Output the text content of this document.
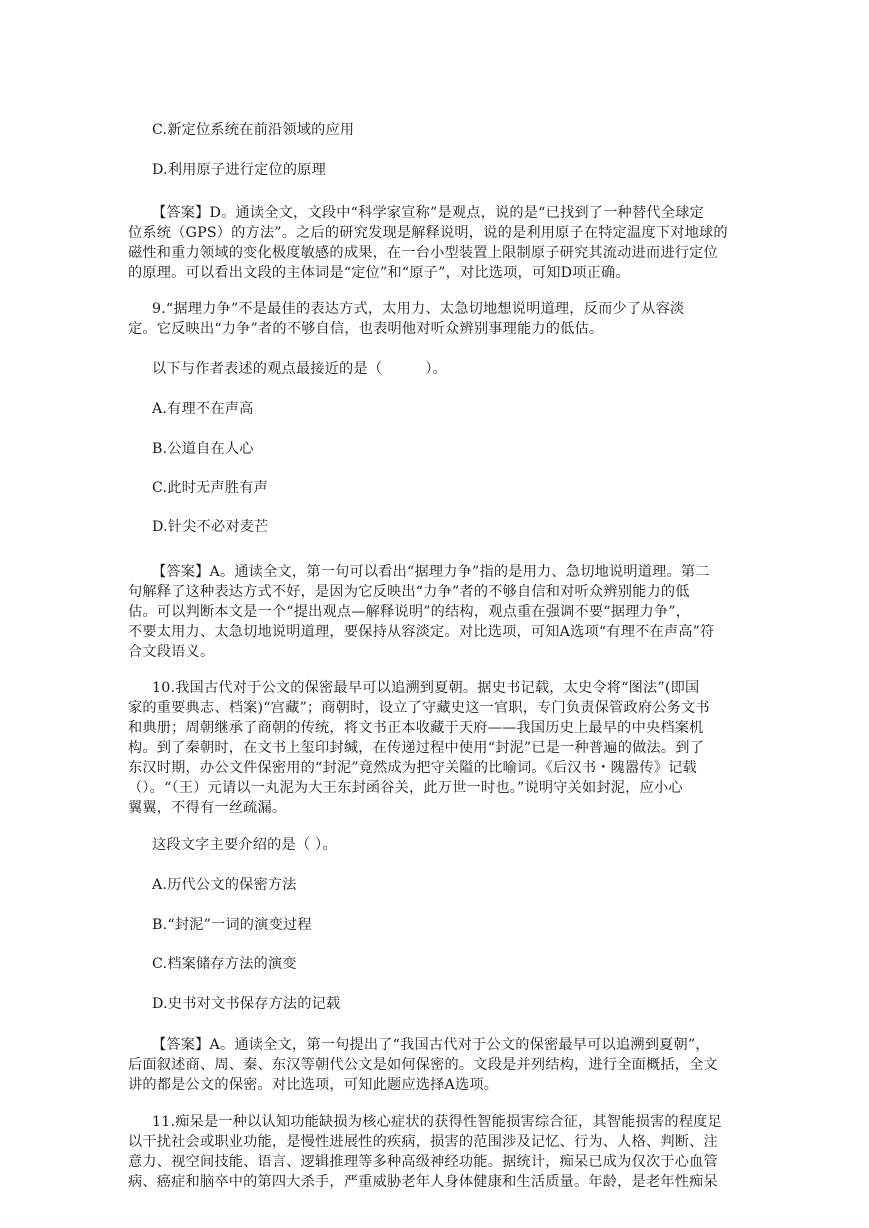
C.新定位系统在前沿领域的应用
D.利用原子进行定位的原理
【答案】D。通读全文，文段中“科学家宣称”是观点，说的是“已找到了一种替代全球定
位系统（GPS）的方法”。之后的研究发现是解释说明，说的是利用原子在特定温度下对地球的
磁性和重力领域的变化极度敏感的成果，在一台小型装置上限制原子研究其流动进而进行定位
的原理。可以看出文段的主体词是“定位”和“原子”，对比选项，可知D项正确。
9.“据理力争”不是最佳的表达方式，太用力、太急切地想说明道理，反而少了从容淡
定。它反映出“力争”者的不够自信，也表明他对听众辨别事理能力的低估。
以下与作者表述的观点最接近的是（　　　）。
A.有理不在声高
B.公道自在人心
C.此时无声胜有声
D.针尖不必对麦芒
【答案】A。通读全文，第一句可以看出“据理力争”指的是用力、急切地说明道理。第二
句解释了这种表达方式不好，是因为它反映出“力争”者的不够自信和对听众辨别能力的低
估。可以判断本文是一个“提出观点—解释说明”的结构，观点重在强调不要“据理力争”，
不要太用力、太急切地说明道理，要保持从容淡定。对比选项，可知A选项“有理不在声高”符
合文段语义。
10.我国古代对于公文的保密最早可以追溯到夏朝。据史书记载，太史令将“图法”(即国
家的重要典志、档案)“宫藏”；商朝时，设立了守藏史这一官职，专门负责保管政府公务文书
和典册；周朝继承了商朝的传统，将文书正本收藏于天府——我国历史上最早的中央档案机
构。到了秦朝时，在文书上玺印封缄，在传递过程中使用“封泥”已是一种普遍的做法。到了
东汉时期，办公文件保密用的“封泥”竟然成为把守关隘的比喻词。《后汉书・隗嚣传》记载
（）。“（王）元请以一丸泥为大王东封函谷关，此万世一时也。”说明守关如封泥，应小心
翼翼，不得有一丝疏漏。
这段文字主要介绍的是（ ）。
A.历代公文的保密方法
B.“封泥”一词的演变过程
C.档案储存方法的演变
D.史书对文书保存方法的记载
【答案】A。通读全文，第一句提出了“我国古代对于公文的保密最早可以追溯到夏朝”，
后面叙述商、周、秦、东汉等朝代公文是如何保密的。文段是并列结构，进行全面概括，全文
讲的都是公文的保密。对比选项，可知此题应选择A选项。
11.痴呆是一种以认知功能缺损为核心症状的获得性智能损害综合征，其智能损害的程度足
以干扰社会或职业功能，是慢性进展性的疾病，损害的范围涉及记忆、行为、人格、判断、注
意力、视空间技能、语言、逻辑推理等多种高级神经功能。据统计，痴呆已成为仅次于心血管
病、癌症和脑卒中的第四大杀手，严重威胁老年人身体健康和生活质量。年龄，是老年性痴呆
